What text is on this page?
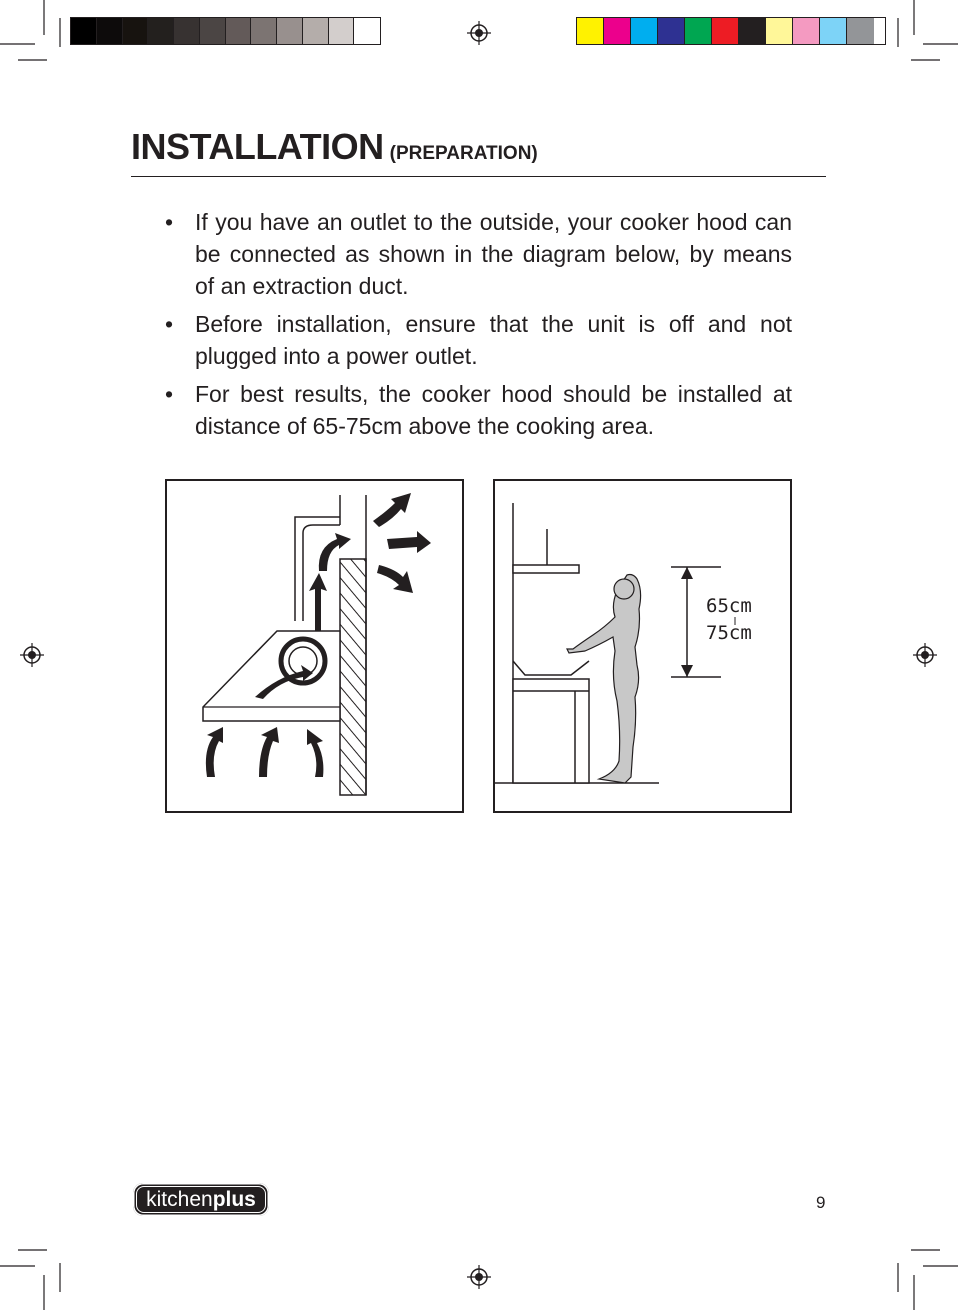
INSTALLATION (PREPARATION)
• If you have an outlet to the outside, your cooker hood can be connected as shown in the diagram below, by means of an extraction duct.
• Before installation, ensure that the unit is off and not plugged into a power outlet.
• For best results, the cooker hood should be installed at distance of 65-75cm above the cooking area.
65cm
75cm
kitchen plus	9
